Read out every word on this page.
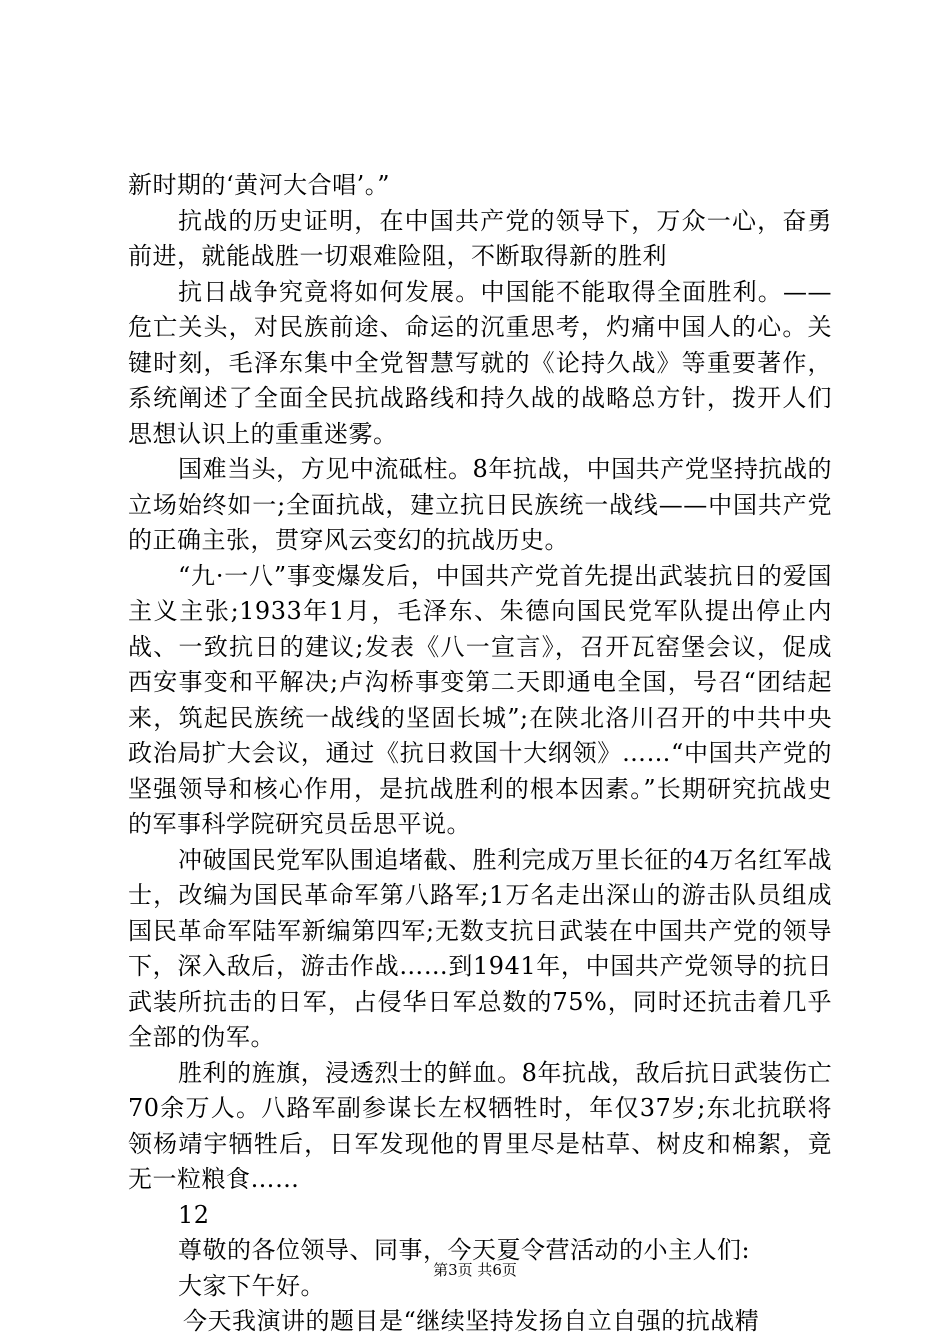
新时期的‘黄河大合唱’。”

抗战的历史证明，在中国共产党的领导下，万众一心，奋勇前进，就能战胜一切艰难险阻，不断取得新的胜利

抗日战争究竟将如何发展。中国能不能取得全面胜利。——危亡关头，对民族前途、命运的沉重思考，灼痛中国人的心。关键时刻，毛泽东集中全党智慧写就的《论持久战》等重要著作，系统阐述了全面全民抗战路线和持久战的战略总方针，拨开人们思想认识上的重重迷雾。

国难当头，方见中流砥柱。8年抗战，中国共产党坚持抗战的立场始终如一;全面抗战，建立抗日民族统一战线——中国共产党的正确主张，贯穿风云变幻的抗战历史。

“九·一八”事变爆发后，中国共产党首先提出武装抗日的爱国主义主张;1933年1月，毛泽东、朱德向国民党军队提出停止内战、一致抗日的建议;发表《八一宣言》，召开瓦窑堡会议，促成西安事变和平解决;卢沟桥事变第二天即通电全国，号召“团结起来，筑起民族统一战线的坚固长城”;在陕北洛川召开的中共中央政治局扩大会议，通过《抗日救国十大纲领》……“中国共产党的坚强领导和核心作用，是抗战胜利的根本因素。”长期研究抗战史的军事科学院研究员岳思平说。

冲破国民党军队围追堵截、胜利完成万里长征的4万名红军战士，改编为国民革命军第八路军;1万名走出深山的游击队员组成国民革命军陆军新编第四军;无数支抗日武装在中国共产党的领导下，深入敌后，游击作战……到1941年，中国共产党领导的抗日武装所抗击的日军，占侵华日军总数的75%，同时还抗击着几乎全部的伪军。

胜利的旌旗，浸透烈士的鲜血。8年抗战，敌后抗日武装伤亡70余万人。八路军副参谋长左权牺牲时，年仅37岁;东北抗联将领杨靖宇牺牲后，日军发现他的胃里尽是枯草、树皮和棉絮，竟无一粒粮食……

12

尊敬的各位领导、同事，今天夏令营活动的小主人们:

大家下午好。

今天我演讲的题目是“继续坚持发扬自立自强的抗战精

第3页 共6页
